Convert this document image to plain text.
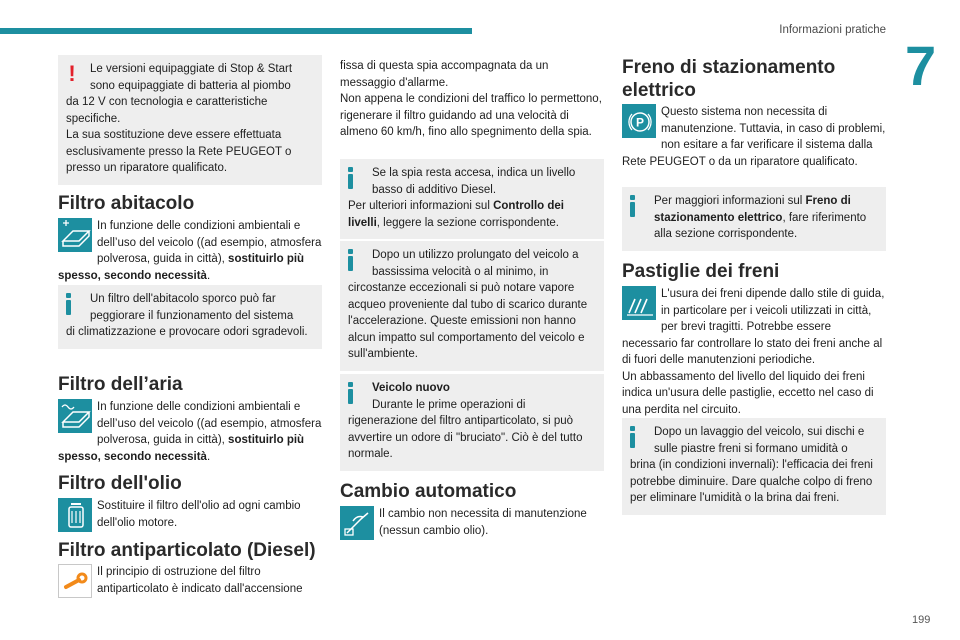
Informazioni pratiche
7
199
!	Le versioni equipaggiate di Stop & Start sono equipaggiate di batteria al piombo
da 12 V con tecnologia e caratteristiche specifiche.
La sua sostituzione deve essere effettuata esclusivamente presso la Rete PEUGEOT o presso un riparatore qualificato.
Filtro abitacolo
In funzione delle condizioni ambientali e dell’uso del veicolo ((ad esempio, atmosfera polverosa, guida in città), sostituirlo più spesso, secondo necessità.
Un filtro dell'abitacolo sporco può far peggiorare il funzionamento del sistema
di climatizzazione e provocare odori sgradevoli.
Filtro dell’aria
In funzione delle condizioni ambientali e dell’uso del veicolo ((ad esempio, atmosfera polverosa, guida in città), sostituirlo più spesso, secondo necessità.
Filtro dell'olio
Sostituire il filtro dell'olio ad ogni cambio dell'olio motore.
Filtro antiparticolato (Diesel)
Il principio di ostruzione del filtro antiparticolato è indicato dall'accensione
fissa di questa spia accompagnata da un messaggio d'allarme.
Non appena le condizioni del traffico lo permettono, rigenerare il filtro guidando ad una velocità di almeno 60 km/h, fino allo spegnimento della spia.
Se la spia resta accesa, indica un livello basso di additivo Diesel.
Per ulteriori informazioni sul Controllo dei livelli, leggere la sezione corrispondente.
Dopo un utilizzo prolungato del veicolo a bassissima velocità o al minimo, in
circostanze eccezionali si può notare vapore acqueo proveniente dal tubo di scarico durante l'accelerazione. Queste emissioni non hanno alcun impatto sul comportamento del veicolo e sull'ambiente.
Veicolo nuovo
Durante le prime operazioni di
rigenerazione del filtro antiparticolato, si può avvertire un odore di "bruciato". Ciò è del tutto normale.
Cambio automatico
Il cambio non necessita di manutenzione (nessun cambio olio).
Freno di stazionamento elettrico
P
Questo sistema non necessita di manutenzione. Tuttavia, in caso di problemi, non esitare a far verificare il sistema dalla Rete PEUGEOT o da un riparatore qualificato.
Per maggiori informazioni sul Freno di stazionamento elettrico, fare riferimento alla sezione corrispondente.
Pastiglie dei freni
L'usura dei freni dipende dallo stile di guida, in particolare per i veicoli utilizzati in città, per brevi tragitti. Potrebbe essere necessario far controllare lo stato dei freni anche al di fuori delle manutenzioni periodiche.
Un abbassamento del livello del liquido dei freni indica un'usura delle pastiglie, eccetto nel caso di una perdita nel circuito.
Dopo un lavaggio del veicolo, sui dischi e sulle piastre freni si formano umidità o
brina (in condizioni invernali): l'efficacia dei freni potrebbe diminuire. Dare qualche colpo di freno per eliminare l'umidità o la brina dai freni.
